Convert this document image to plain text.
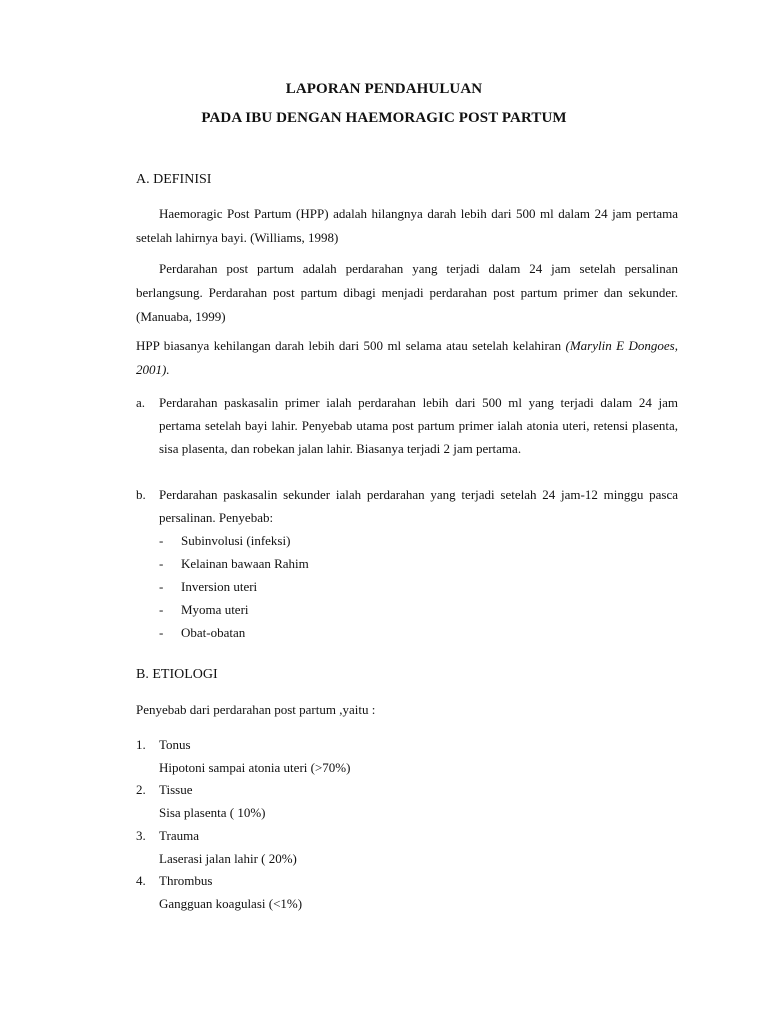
LAPORAN PENDAHULUAN
PADA IBU DENGAN HAEMORAGIC POST PARTUM
A. DEFINISI
Haemoragic Post Partum (HPP) adalah hilangnya darah lebih dari 500 ml dalam 24 jam pertama setelah lahirnya bayi. (Williams, 1998)
Perdarahan post partum adalah perdarahan yang terjadi dalam 24 jam setelah persalinan berlangsung. Perdarahan post partum dibagi menjadi perdarahan post partum primer dan sekunder. (Manuaba, 1999)
HPP biasanya kehilangan darah lebih dari 500 ml selama atau setelah kelahiran (Marylin E Dongoes, 2001).
a. Perdarahan paskasalin primer ialah perdarahan lebih dari 500 ml yang terjadi dalam 24 jam pertama setelah bayi lahir. Penyebab utama post partum primer ialah atonia uteri, retensi plasenta, sisa plasenta, dan robekan jalan lahir. Biasanya terjadi 2 jam pertama.
b. Perdarahan paskasalin sekunder ialah perdarahan yang terjadi setelah 24 jam-12 minggu pasca persalinan. Penyebab:
- Subinvolusi (infeksi)
- Kelainan bawaan Rahim
- Inversion uteri
- Myoma uteri
- Obat-obatan
B. ETIOLOGI
Penyebab dari perdarahan post partum ,yaitu :
1. Tonus
Hipotoni sampai atonia uteri (>70%)
2. Tissue
Sisa plasenta ( 10%)
3. Trauma
Laserasi jalan lahir ( 20%)
4. Thrombus
Gangguan koagulasi (<1%)
